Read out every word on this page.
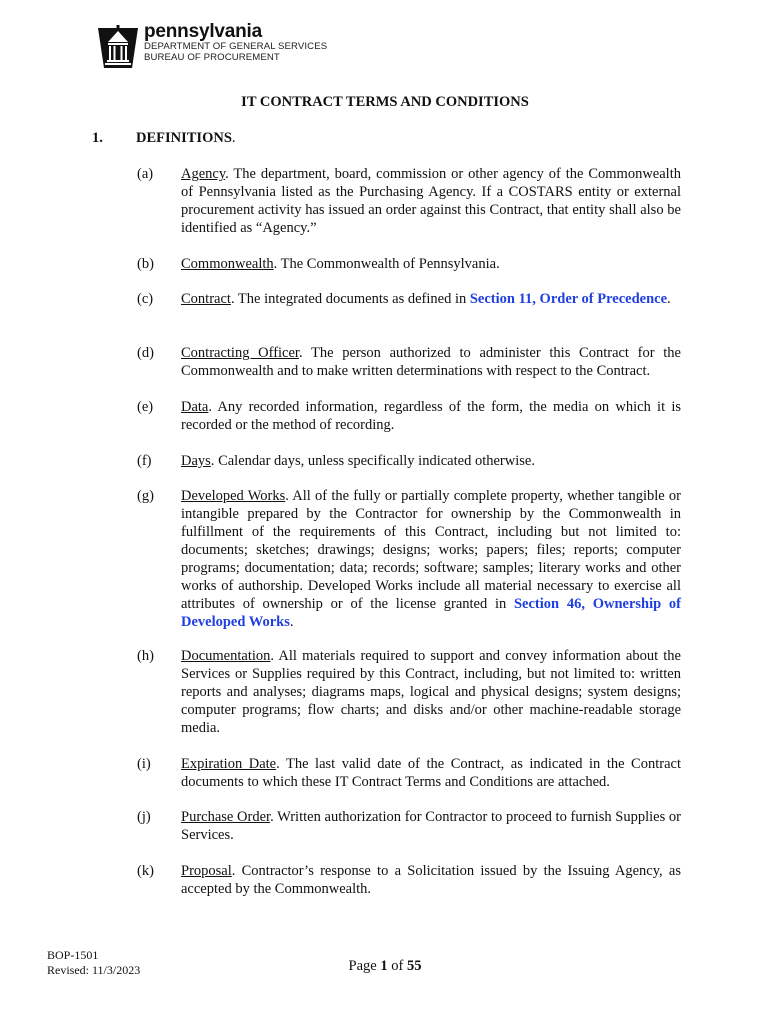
pennsylvania
DEPARTMENT OF GENERAL SERVICES
BUREAU OF PROCUREMENT
IT CONTRACT TERMS AND CONDITIONS
1. DEFINITIONS.
(a) Agency. The department, board, commission or other agency of the Commonwealth of Pennsylvania listed as the Purchasing Agency. If a COSTARS entity or external procurement activity has issued an order against this Contract, that entity shall also be identified as “Agency.”
(b) Commonwealth. The Commonwealth of Pennsylvania.
(c) Contract. The integrated documents as defined in Section 11, Order of Precedence.
(d) Contracting Officer. The person authorized to administer this Contract for the Commonwealth and to make written determinations with respect to the Contract.
(e) Data. Any recorded information, regardless of the form, the media on which it is recorded or the method of recording.
(f) Days. Calendar days, unless specifically indicated otherwise.
(g) Developed Works. All of the fully or partially complete property, whether tangible or intangible prepared by the Contractor for ownership by the Commonwealth in fulfillment of the requirements of this Contract, including but not limited to: documents; sketches; drawings; designs; works; papers; files; reports; computer programs; documentation; data; records; software; samples; literary works and other works of authorship. Developed Works include all material necessary to exercise all attributes of ownership or of the license granted in Section 46, Ownership of Developed Works.
(h) Documentation. All materials required to support and convey information about the Services or Supplies required by this Contract, including, but not limited to: written reports and analyses; diagrams maps, logical and physical designs; system designs; computer programs; flow charts; and disks and/or other machine-readable storage media.
(i) Expiration Date. The last valid date of the Contract, as indicated in the Contract documents to which these IT Contract Terms and Conditions are attached.
(j) Purchase Order. Written authorization for Contractor to proceed to furnish Supplies or Services.
(k) Proposal. Contractor’s response to a Solicitation issued by the Issuing Agency, as accepted by the Commonwealth.
BOP-1501
Revised: 11/3/2023	Page 1 of 55
